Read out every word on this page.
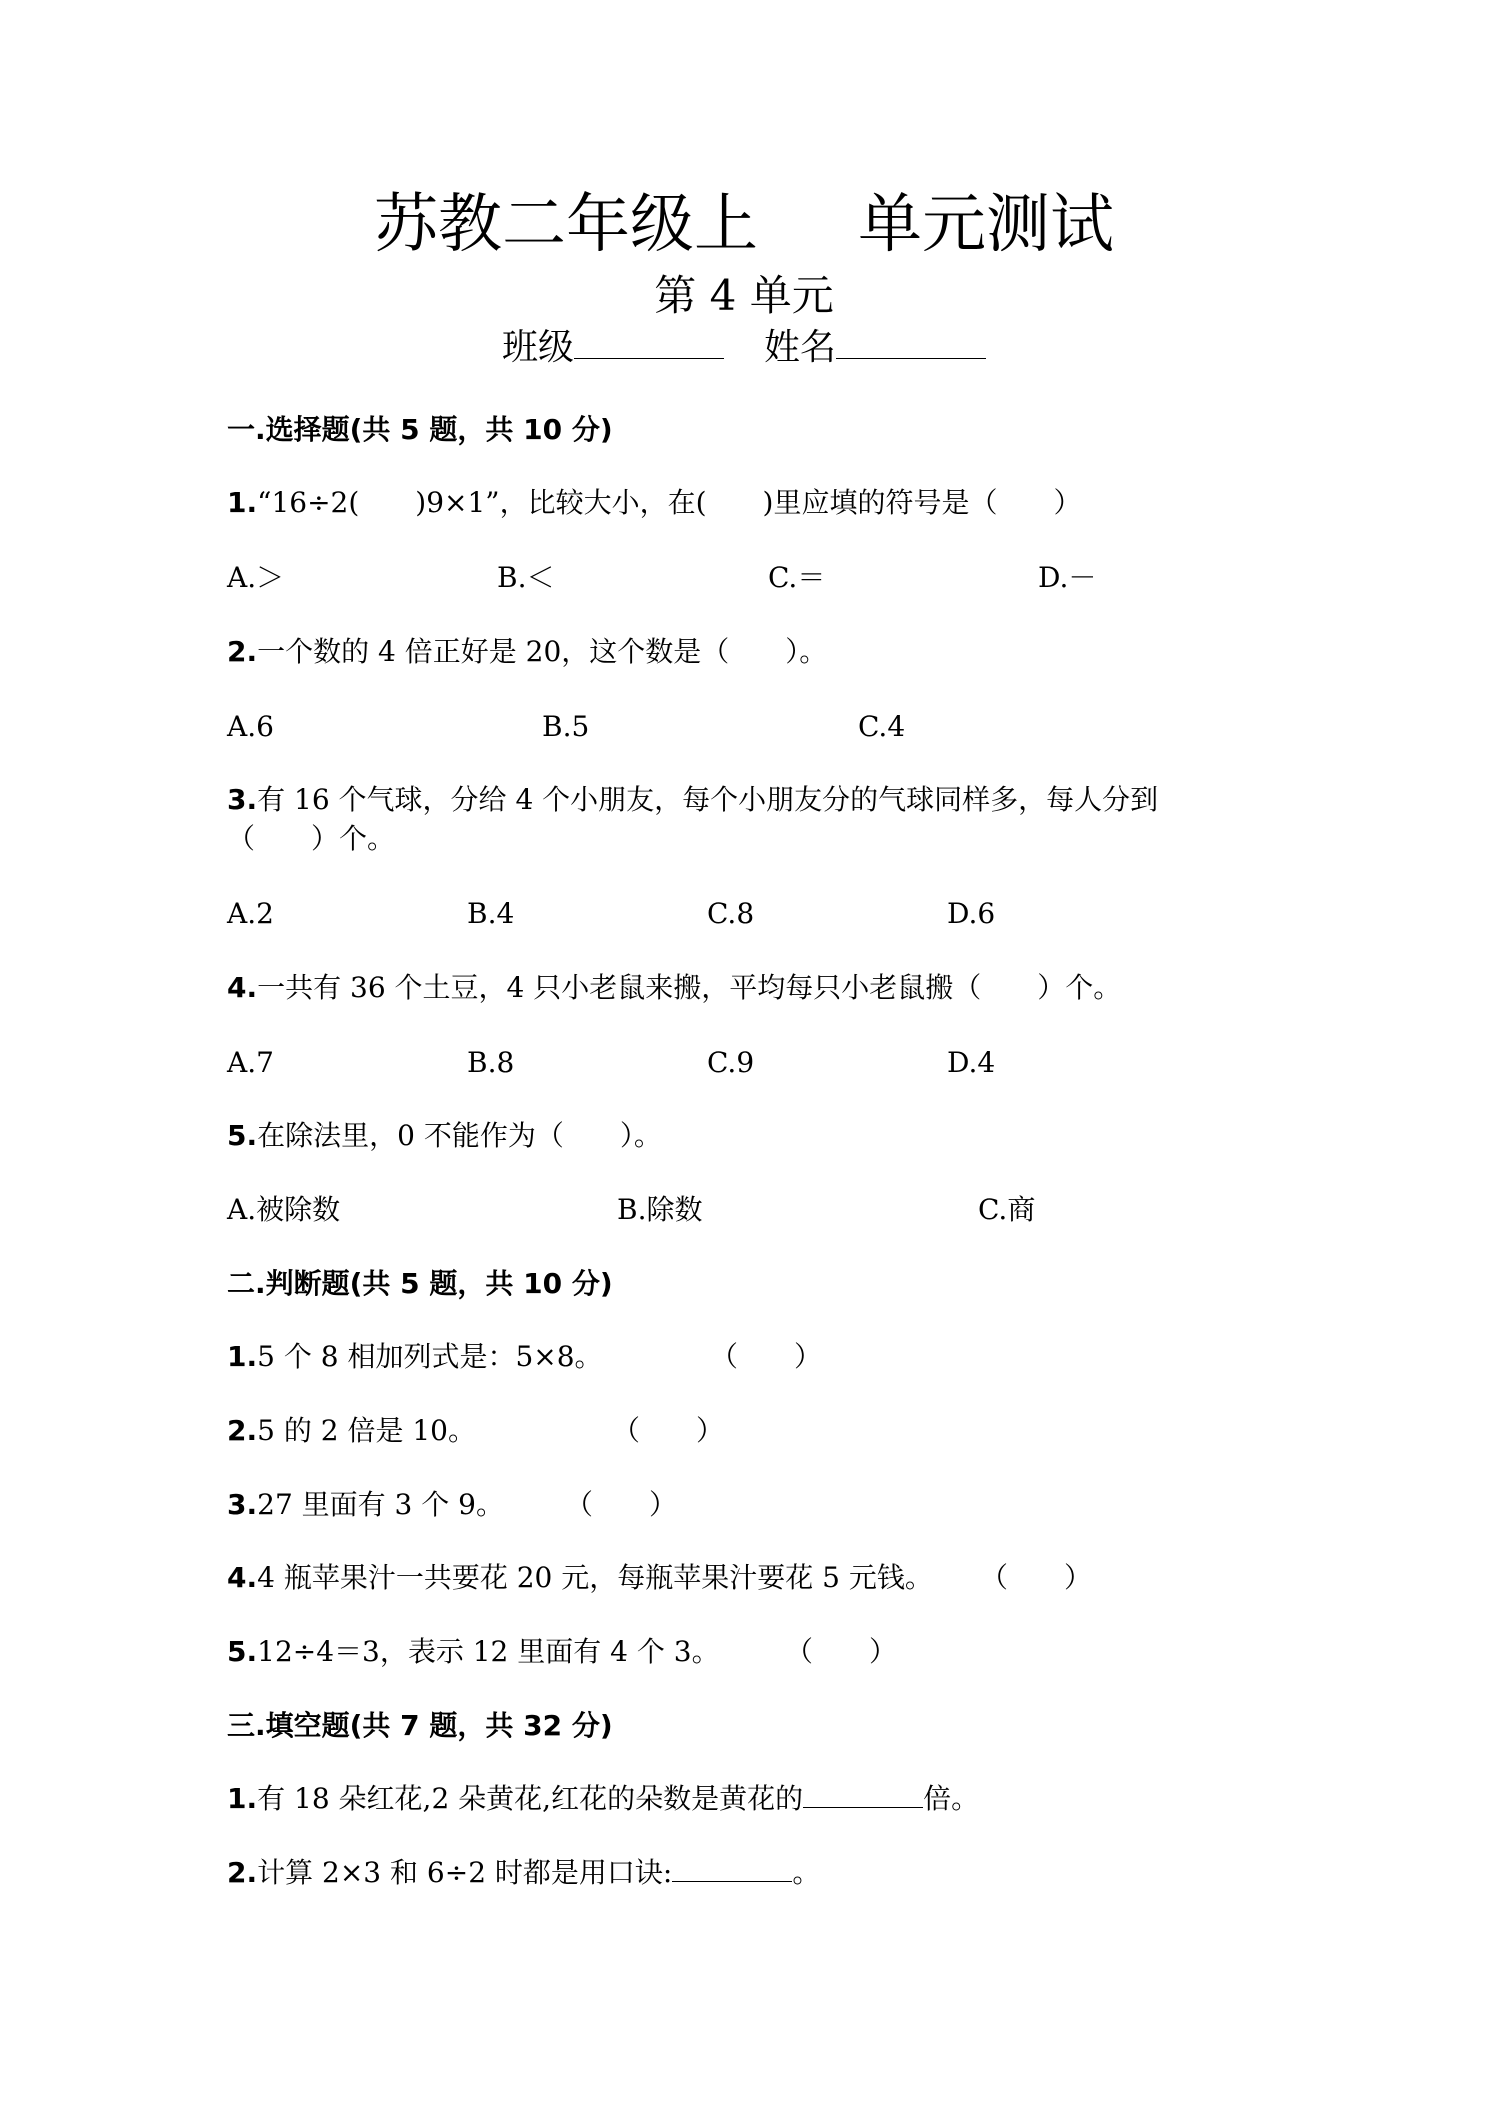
苏教二年级上 单元测试
第 4 单元
班级	姓名
一.选择题(共 5 题，共 10 分)
1.“16÷2(　　)9×1”，比较大小，在(　　)里应填的符号是（　　）
A.＞	B.＜	C.＝	D.－
2.一个数的 4 倍正好是 20，这个数是（　　）。
A.6	B.5	C.4
3.有 16 个气球，分给 4 个小朋友，每个小朋友分的气球同样多，每人分到
（　　）个。
A.2	B.4	C.8	D.6
4.一共有 36 个土豆，4 只小老鼠来搬，平均每只小老鼠搬（　　）个。
A.7	B.8	C.9	D.4
5.在除法里，0 不能作为（　　）。
A.被除数	B.除数	C.商
二.判断题(共 5 题，共 10 分)
1.5 个 8 相加列式是：5×8。	（　　）
2.5 的 2 倍是 10。	（　　）
3.27 里面有 3 个 9。 （　　）
4.4 瓶苹果汁一共要花 20 元，每瓶苹果汁要花 5 元钱。 （　　）
5.12÷4＝3，表示 12 里面有 4 个 3。 （　　）
三.填空题(共 7 题，共 32 分)
1.有 18 朵红花,2 朵黄花,红花的朵数是黄花的	倍。
2.计算 2×3 和 6÷2 时都是用口诀:	。
